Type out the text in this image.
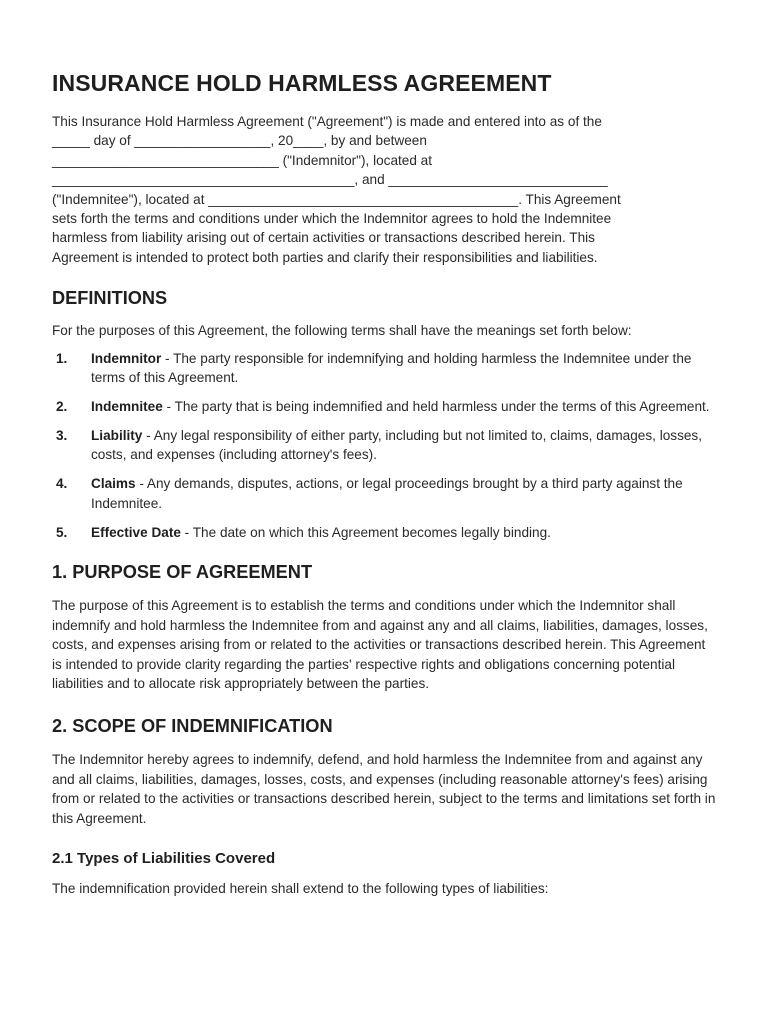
INSURANCE HOLD HARMLESS AGREEMENT

This Insurance Hold Harmless Agreement ("Agreement") is made and entered into as of the
_____ day of __________________, 20____, by and between
______________________________ ("Indemnitor"), located at
________________________________________, and _____________________________
("Indemnitee"), located at _________________________________________. This Agreement
sets forth the terms and conditions under which the Indemnitor agrees to hold the Indemnitee
harmless from liability arising out of certain activities or transactions described herein. This
Agreement is intended to protect both parties and clarify their responsibilities and liabilities.

DEFINITIONS

For the purposes of this Agreement, the following terms shall have the meanings set forth below:

1. Indemnitor - The party responsible for indemnifying and holding harmless the Indemnitee under the terms of this Agreement.
2. Indemnitee - The party that is being indemnified and held harmless under the terms of this Agreement.
3. Liability - Any legal responsibility of either party, including but not limited to, claims, damages, losses, costs, and expenses (including attorney's fees).
4. Claims - Any demands, disputes, actions, or legal proceedings brought by a third party against the Indemnitee.
5. Effective Date - The date on which this Agreement becomes legally binding.
1. PURPOSE OF AGREEMENT

The purpose of this Agreement is to establish the terms and conditions under which the Indemnitor shall indemnify and hold harmless the Indemnitee from and against any and all claims, liabilities, damages, losses, costs, and expenses arising from or related to the activities or transactions described herein. This Agreement is intended to provide clarity regarding the parties' respective rights and obligations concerning potential liabilities and to allocate risk appropriately between the parties.

2. SCOPE OF INDEMNIFICATION

The Indemnitor hereby agrees to indemnify, defend, and hold harmless the Indemnitee from and against any and all claims, liabilities, damages, losses, costs, and expenses (including reasonable attorney's fees) arising from or related to the activities or transactions described herein, subject to the terms and limitations set forth in this Agreement.

2.1 Types of Liabilities Covered

The indemnification provided herein shall extend to the following types of liabilities:
